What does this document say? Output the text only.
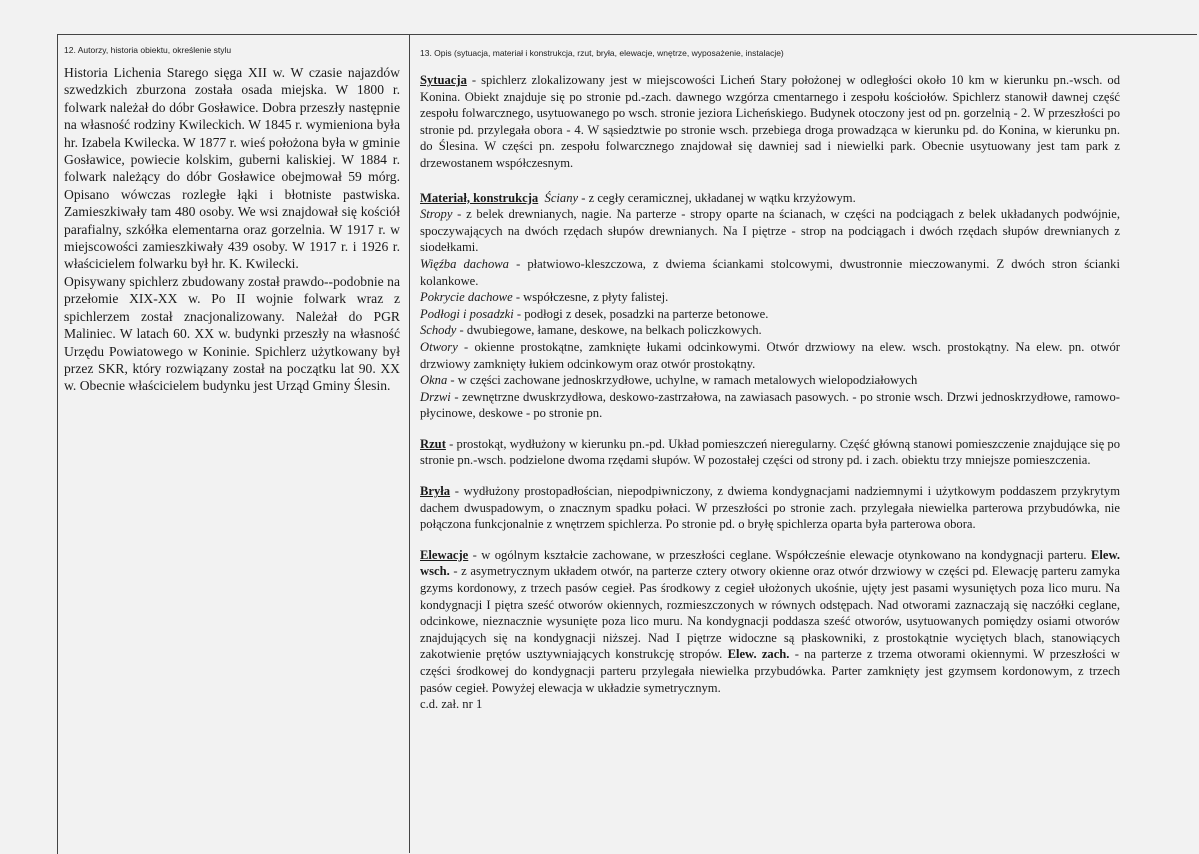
12. Autorzy, historia obiektu, określenie stylu	13. Opis (sytuacja, materiał i konstrukcja, rzut, bryła, elewacje, wnętrze, wyposażenie, instalacje)

Historia Lichenia Starego sięga XII w. W czasie najazdów szwedzkich zburzona została osada miejska. W 1800 r. folwark należał do dóbr Gosławice. Dobra przeszły następnie na własność rodziny Kwileckich. W 1845 r. wymieniona była hr. Izabela Kwilecka. W 1877 r. wieś położona była w gminie Gosławice, powiecie kolskim, guberni kaliskiej. W 1884 r. folwark należący do dóbr Gosławice obejmował 59 mórg. Opisano wówczas rozległe łąki i błotniste pastwiska. Zamieszkiwały tam 480 osoby. We wsi znajdował się kościół parafialny, szkółka elementarna oraz gorzelnia. W 1917 r. w miejscowości zamieszkiwały 439 osoby. W 1917 r. i 1926 r. właścicielem folwarku był hr. K. Kwilecki.

Opisywany spichlerz zbudowany został prawdo--podobnie na przełomie XIX-XX w. Po II wojnie folwark wraz z spichlerzem został znacjonalizowany. Należał do PGR Maliniec. W latach 60. XX w. budynki przeszły na własność Urzędu Powiatowego w Koninie. Spichlerz użytkowany był przez SKR, który rozwiązany został na początku lat 90. XX w. Obecnie właścicielem budynku jest Urząd Gminy Ślesin.

Sytuacja - spichlerz zlokalizowany jest w miejscowości Licheń Stary położonej w odległości około 10 km w kierunku pn.-wsch. od Konina. Obiekt znajduje się po stronie pd.-zach. dawnego wzgórza cmentarnego i zespołu kościołów. Spichlerz stanowił dawnej część zespołu folwarcznego, usytuowanego po wsch. stronie jeziora Licheńskiego. Budynek otoczony jest od pn. gorzelnią - 2. W przeszłości po stronie pd. przylegała obora - 4. W sąsiedztwie po stronie wsch. przebiega droga prowadząca w kierunku pd. do Konina, w kierunku pn. do Ślesina. W części pn. zespołu folwarcznego znajdował się dawniej sad i niewielki park. Obecnie usytuowany jest tam park z drzewostanem współczesnym.

Materiał, konstrukcja Ściany - z cegły ceramicznej, układanej w wątku krzyżowym.

Stropy - z belek drewnianych, nagie. Na parterze - stropy oparte na ścianach, w części na podciągach z belek układanych podwójnie, spoczywających na dwóch rzędach słupów drewnianych. Na I piętrze - strop na podciągach i dwóch rzędach słupów drewnianych z siodełkami.

Więźba dachowa - płatwiowo-kleszczowa, z dwiema ściankami stolcowymi, dwustronnie mieczowanymi. Z dwóch stron ścianki kolankowe.

Pokrycie dachowe - współczesne, z płyty falistej.

Podłogi i posadzki - podłogi z desek, posadzki na parterze betonowe.

Schody - dwubiegowe, łamane, deskowe, na belkach policzkowych.

Otwory - okienne prostokątne, zamknięte łukami odcinkowymi. Otwór drzwiowy na elew. wsch. prostokątny. Na elew. pn. otwór drzwiowy zamknięty łukiem odcinkowym oraz otwór prostokątny.

Okna - w części zachowane jednoskrzydłowe, uchylne, w ramach metalowych wielopodziałowych

Drzwi - zewnętrzne dwuskrzydłowa, deskowo-zastrzałowa, na zawiasach pasowych. - po stronie wsch. Drzwi jednoskrzydłowe, ramowo-płycinowe, deskowe - po stronie pn.

Rzut - prostokąt, wydłużony w kierunku pn.-pd. Układ pomieszczeń nieregularny. Część główną stanowi pomieszczenie znajdujące się po stronie pn.-wsch. podzielone dwoma rzędami słupów. W pozostałej części od strony pd. i zach. obiektu trzy mniejsze pomieszczenia.

Bryła - wydłużony prostopadłościan, niepodpiwniczony, z dwiema kondygnacjami nadziemnymi i użytkowym poddaszem przykrytym dachem dwuspadowym, o znacznym spadku połaci. W przeszłości po stronie zach. przylegała niewielka parterowa przybudówka, nie połączona funkcjonalnie z wnętrzem spichlerza. Po stronie pd. o bryłę spichlerza oparta była parterowa obora.

Elewacje - w ogólnym kształcie zachowane, w przeszłości ceglane. Współcześnie elewacje otynkowano na kondygnacji parteru. Elew. wsch. - z asymetrycznym układem otwór, na parterze cztery otwory okienne oraz otwór drzwiowy w części pd. Elewację parteru zamyka gzyms kordonowy, z trzech pasów cegieł. Pas środkowy z cegieł ułożonych ukośnie, ujęty jest pasami wysuniętych poza lico muru. Na kondygnacji I piętra sześć otworów okiennych, rozmieszczonych w równych odstępach. Nad otworami zaznaczają się naczółki ceglane, odcinkowe, nieznacznie wysunięte poza lico muru. Na kondygnacji poddasza sześć otworów, usytuowanych pomiędzy osiami otworów znajdujących się na kondygnacji niższej. Nad I piętrze widoczne są płaskowniki, z prostokątnie wyciętych blach, stanowiących zakotwienie prętów usztywniających konstrukcję stropów. Elew. zach. - na parterze z trzema otworami okiennymi. W przeszłości w części środkowej do kondygnacji parteru przylegała niewielka przybudówka. Parter zamknięty jest gzymsem kordonowym, z trzech pasów cegieł. Powyżej elewacja w układzie symetrycznym.

c.d. zał. nr 1
